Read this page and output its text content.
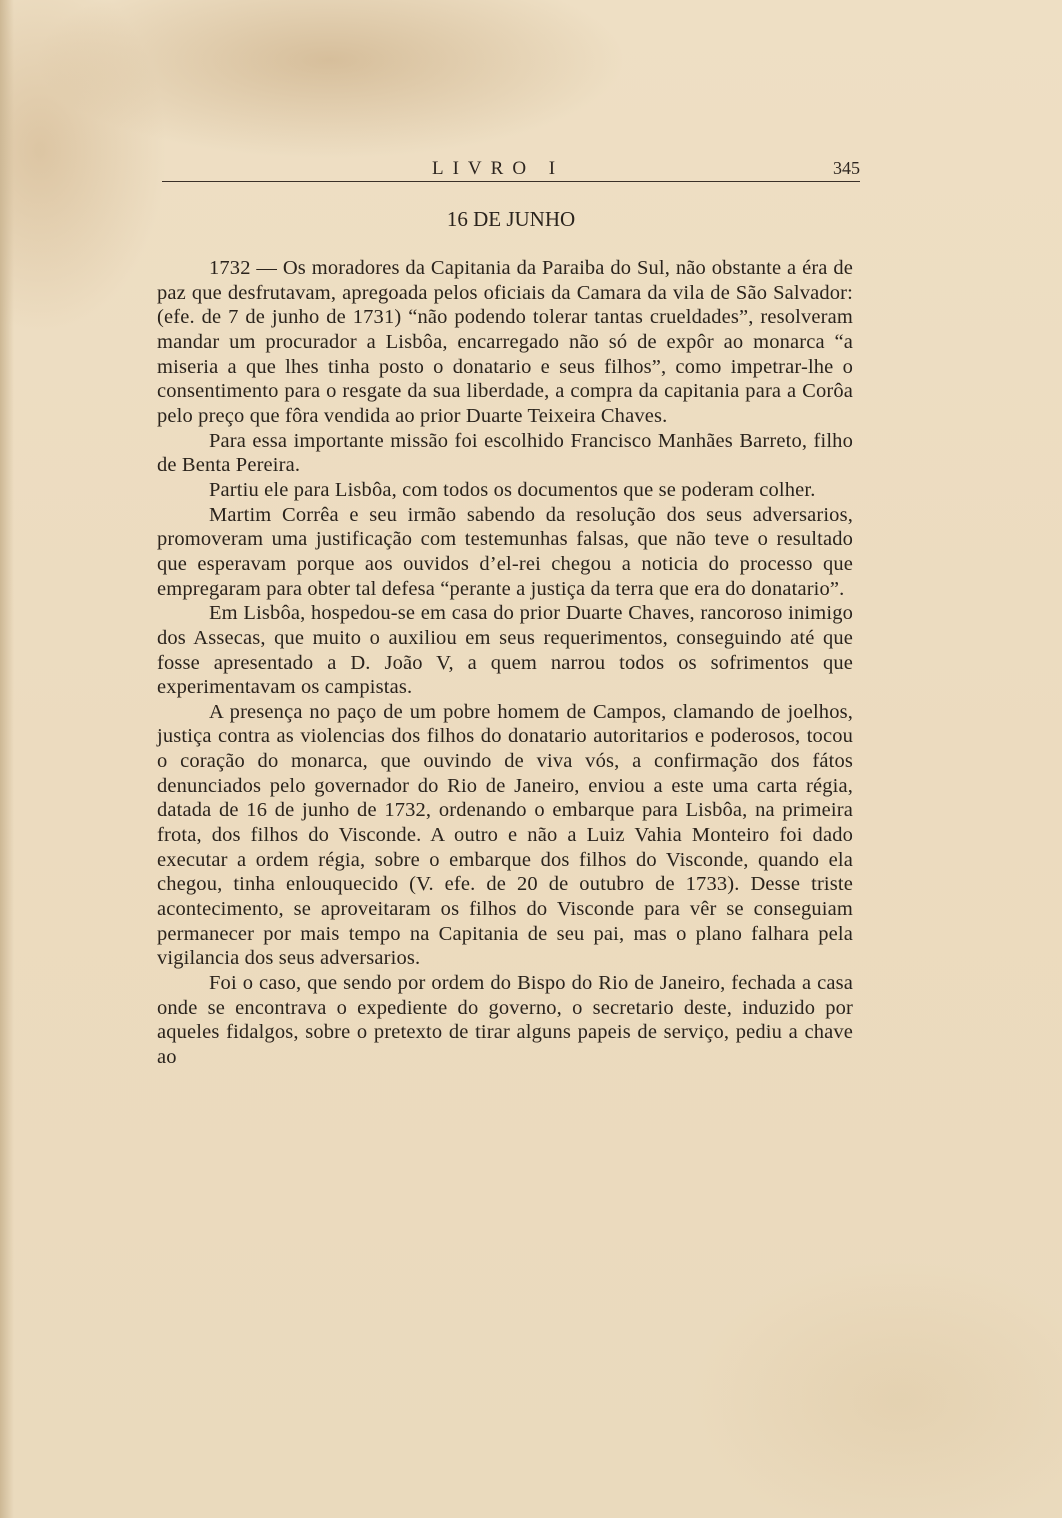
LIVRO I	345
16 DE JUNHO

1732 — Os moradores da Capitania da Paraiba do Sul, não obstante a éra de paz que desfrutavam, apregoada pelos oficiais da Camara da vila de São Salvador: (efe. de 7 de junho de 1731) “não podendo tolerar tantas crueldades”, resolveram mandar um procurador a Lisbôa, encarregado não só de expôr ao monarca “a miseria a que lhes tinha posto o donatario e seus filhos”, como impetrar-lhe o consentimento para o resgate da sua liberdade, a compra da capitania para a Corôa pelo preço que fôra vendida ao prior Duarte Teixeira Chaves.

Para essa importante missão foi escolhido Francisco Manhães Barreto, filho de Benta Pereira.

Partiu ele para Lisbôa, com todos os documentos que se poderam colher.

Martim Corrêa e seu irmão sabendo da resolução dos seus adversarios, promoveram uma justificação com testemunhas falsas, que não teve o resultado que esperavam porque aos ouvidos d’el-rei chegou a noticia do processo que empregaram para obter tal defesa “perante a justiça da terra que era do donatario”.

Em Lisbôa, hospedou-se em casa do prior Duarte Chaves, rancoroso inimigo dos Assecas, que muito o auxiliou em seus requerimentos, conseguindo até que fosse apresentado a D. João V, a quem narrou todos os sofrimentos que experimentavam os campistas.

A presença no paço de um pobre homem de Campos, clamando de joelhos, justiça contra as violencias dos filhos do donatario autoritarios e poderosos, tocou o coração do monarca, que ouvindo de viva vós, a confirmação dos fátos denunciados pelo governador do Rio de Janeiro, enviou a este uma carta régia, datada de 16 de junho de 1732, ordenando o embarque para Lisbôa, na primeira frota, dos filhos do Visconde. A outro e não a Luiz Vahia Monteiro foi dado executar a ordem régia, sobre o embarque dos filhos do Visconde, quando ela chegou, tinha enlouquecido (V. efe. de 20 de outubro de 1733). Desse triste acontecimento, se aproveitaram os filhos do Visconde para vêr se conseguiam permanecer por mais tempo na Capitania de seu pai, mas o plano falhara pela vigilancia dos seus adversarios.

Foi o caso, que sendo por ordem do Bispo do Rio de Janeiro, fechada a casa onde se encontrava o expediente do governo, o secretario deste, induzido por aqueles fidalgos, sobre o pretexto de tirar alguns papeis de serviço, pediu a chave ao
